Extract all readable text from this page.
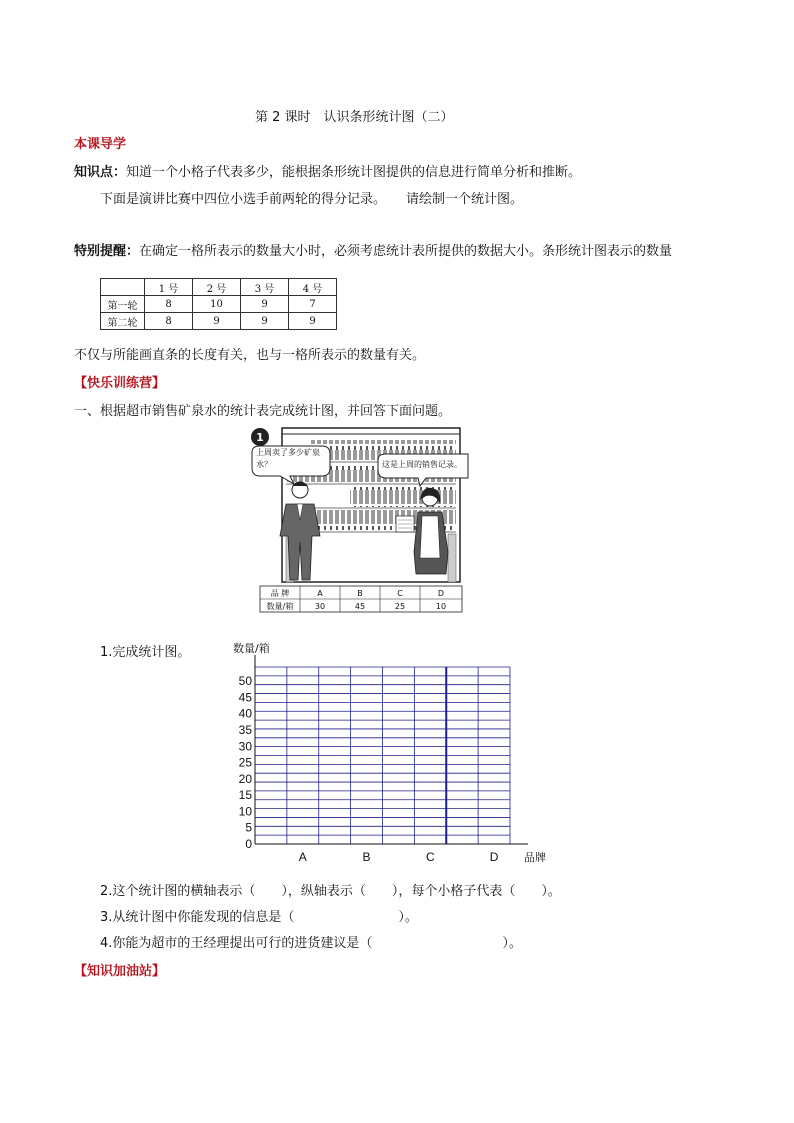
第 2 课时　认识条形统计图（二）
本课导学
知识点：知道一个小格子代表多少，能根据条形统计图提供的信息进行简单分析和推断。
下面是演讲比赛中四位小选手前两轮的得分记录。 请绘制一个统计图。
特别提醒：在确定一格所表示的数量大小时，必须考虑统计表所提供的数据大小。条形统计图表示的数量
	1 号	2 号	3 号	4 号
第一轮	8	10	9	7
第二轮	8	9	9	9
不仅与所能画直条的长度有关，也与一格所表示的数量有关。
【快乐训练营】
一、根据超市销售矿泉水的统计表完成统计图，并回答下面问题。
1
上周卖了多少矿泉水？	这是上周的销售记录。
品 牌	A	B	C	D
数量/箱	30	45	25	10
1.完成统计图。	数量/箱
0
5
10
15
20
25
30
35
40
45
50
A	B	C	D 品牌
2.这个统计图的横轴表示（　　），纵轴表示（　　），每个小格子代表（　　）。
3.从统计图中你能发现的信息是（　　　　　　　　）。
4.你能为超市的王经理提出可行的进货建议是（　　　　　　　　　　）。
【知识加油站】
